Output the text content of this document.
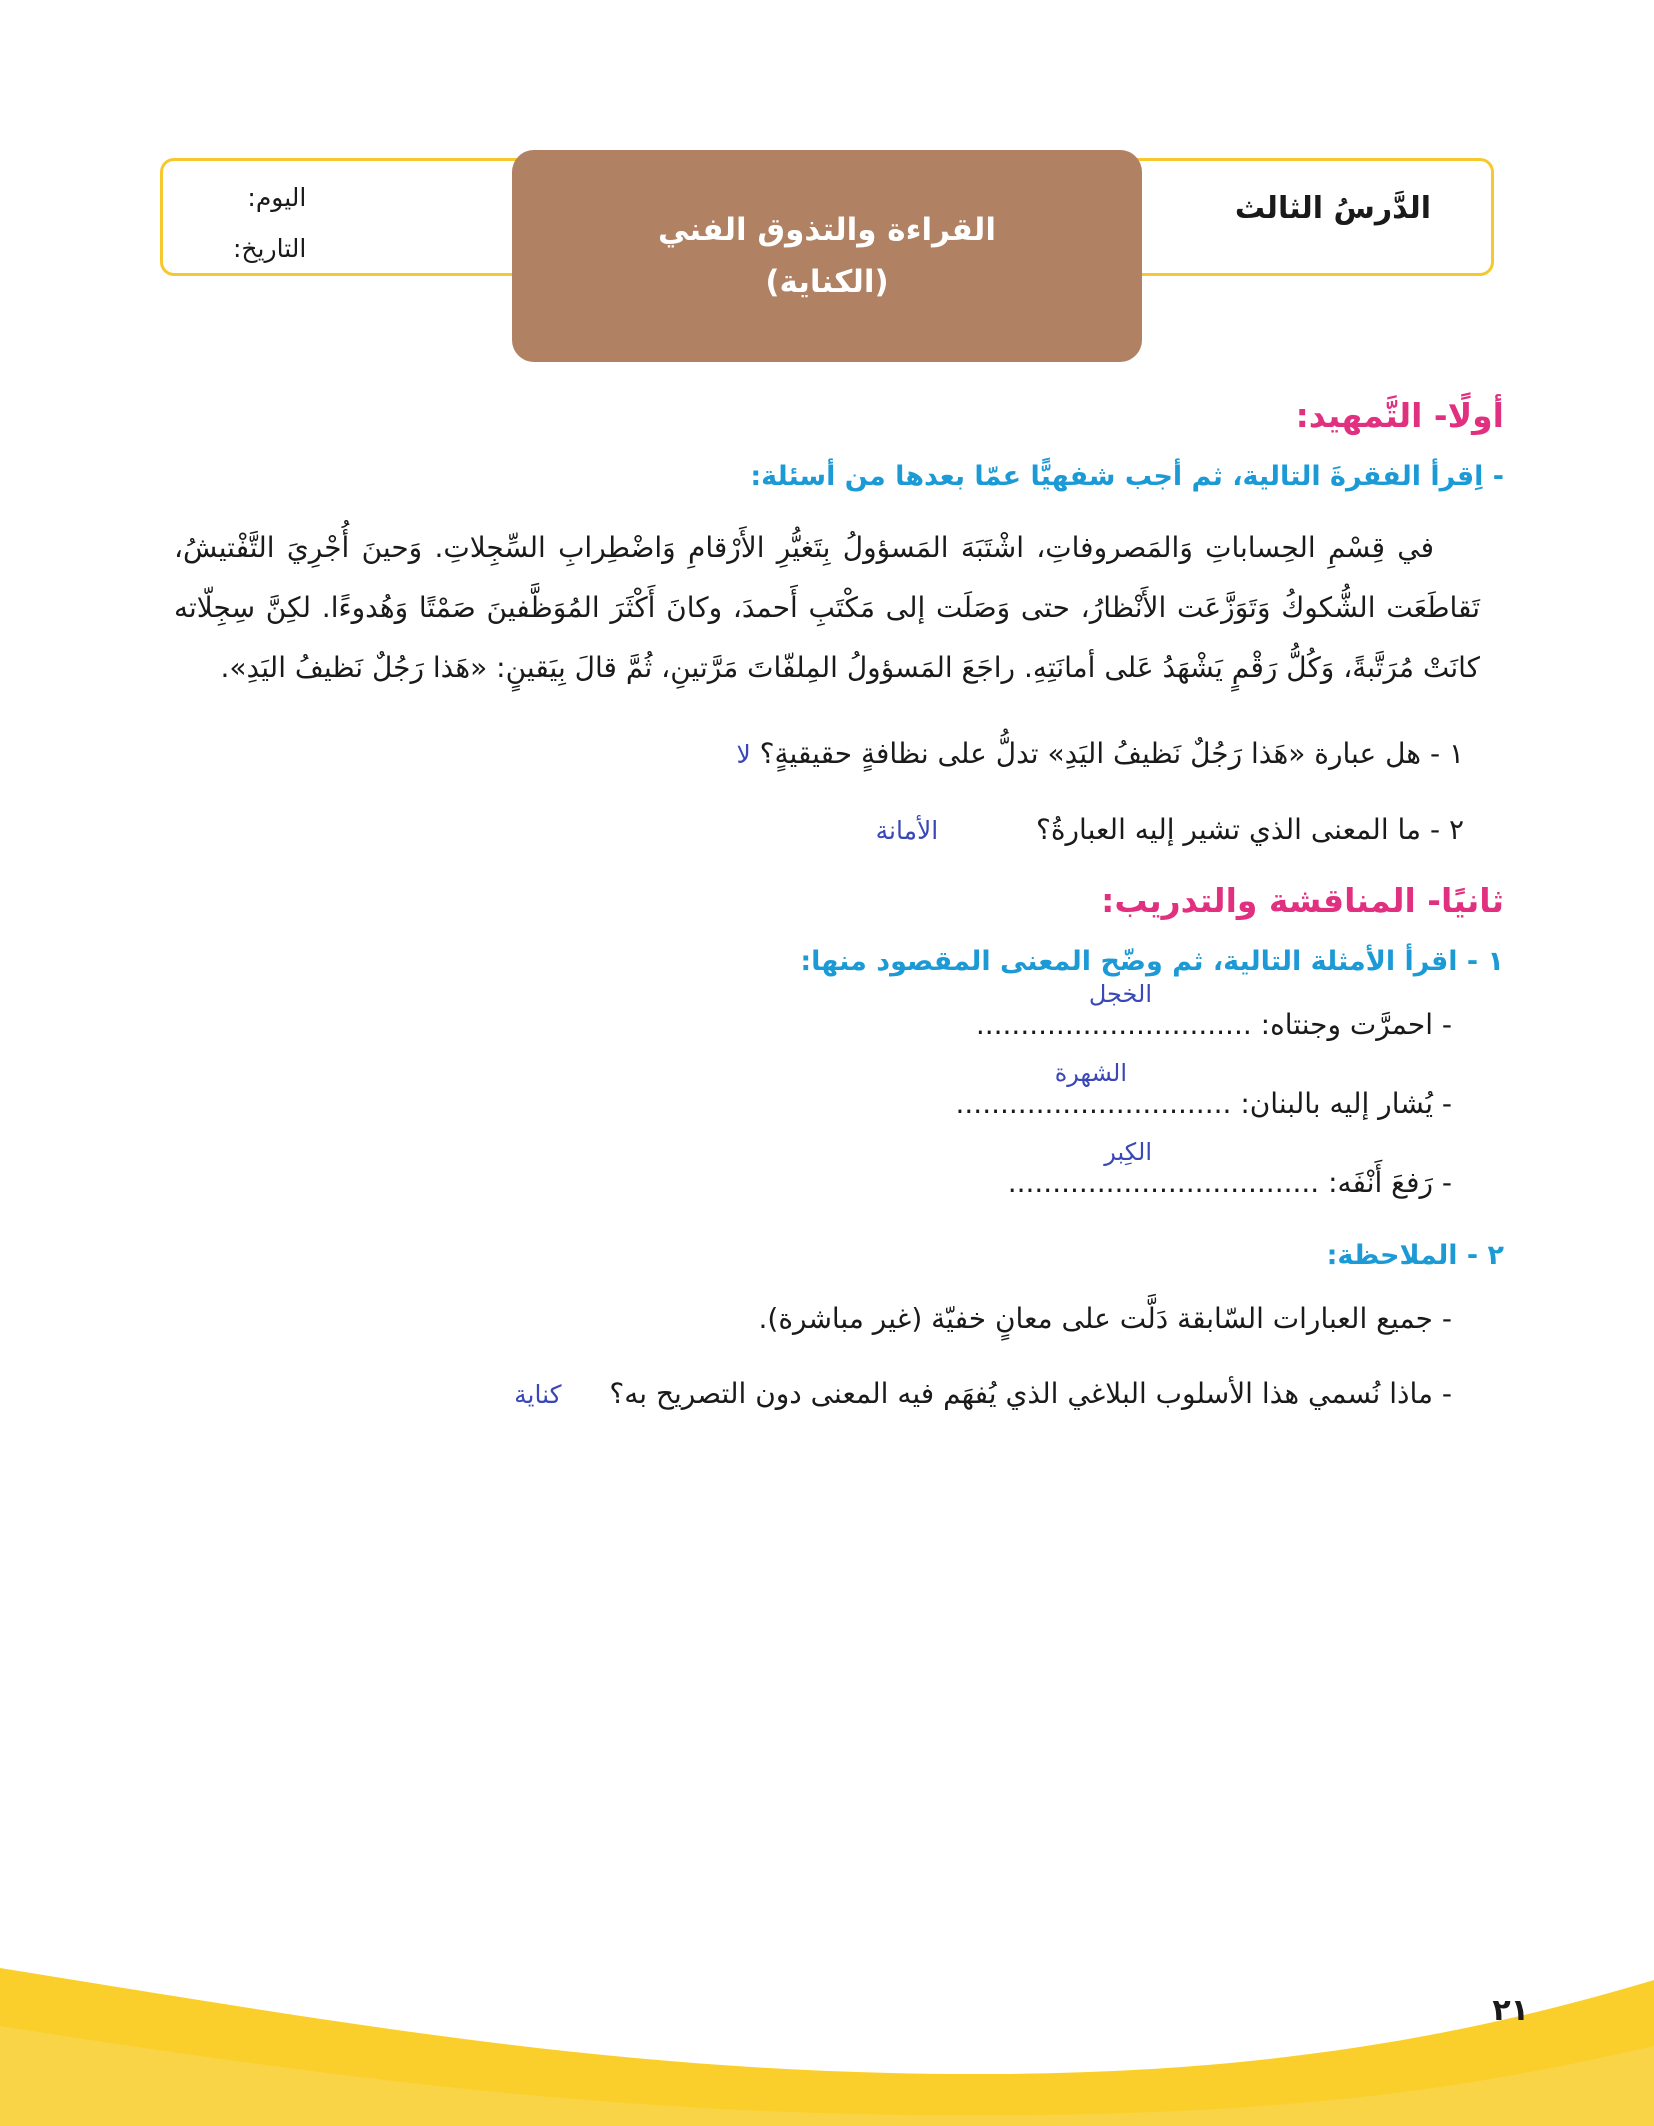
الدَّرسُ الثالث
اليوم:
التاريخ:
القراءة والتذوق الفني
(الكناية)
أولًا- التَّمهيد:
- اِقرأ الفقرةَ التالية، ثم أجب شفهيًّا عمّا بعدها من أسئلة:
في قِسْمِ الحِساباتِ وَالمَصروفاتِ، اشْتَبَهَ المَسؤولُ بِتَغيُّرِ الأَرْقامِ وَاضْطِرابِ السِّجِلاتِ. وَحينَ أُجْرِيَ التَّفْتيشُ، تَقاطَعَت الشُّكوكُ وَتَوَزَّعَت الأَنْظارُ، حتى وَصَلَت إلى مَكْتَبِ أَحمدَ، وكانَ أَكْثَرَ المُوَظَّفينَ صَمْتًا وَهُدوءًا. لكِنَّ سِجِلّاته كانَتْ مُرَتَّبةً، وَكُلُّ رَقْمٍ يَشْهَدُ عَلى أمانَتِهِ. راجَعَ المَسؤولُ المِلفّاتَ مَرَّتينِ، ثُمَّ قالَ بِيَقينٍ: «هَذا رَجُلٌ نَظيفُ اليَدِ».
١ - هل عبارة «هَذا رَجُلٌ نَظيفُ اليَدِ» تدلُّ على نظافةٍ حقيقيةٍ؟ لا
٢ - ما المعنى الذي تشير إليه العبارةُ؟  الأمانة
ثانيًا- المناقشة والتدريب:
١ - اقرأ الأمثلة التالية، ثم وضّح المعنى المقصود منها:
الخجل
- احمرَّت وجنتاه: ...............................
الشهرة
- يُشار إليه بالبنان: ...............................
الكِبر
- رَفعَ أَنْفَه: ...................................
٢ - الملاحظة:
- جميع العبارات السّابقة دَلَّت على معانٍ خفيّة (غير مباشرة).
- ماذا نُسمي هذا الأسلوب البلاغي الذي يُفهَم فيه المعنى دون التصريح به؟  كناية
٢١
